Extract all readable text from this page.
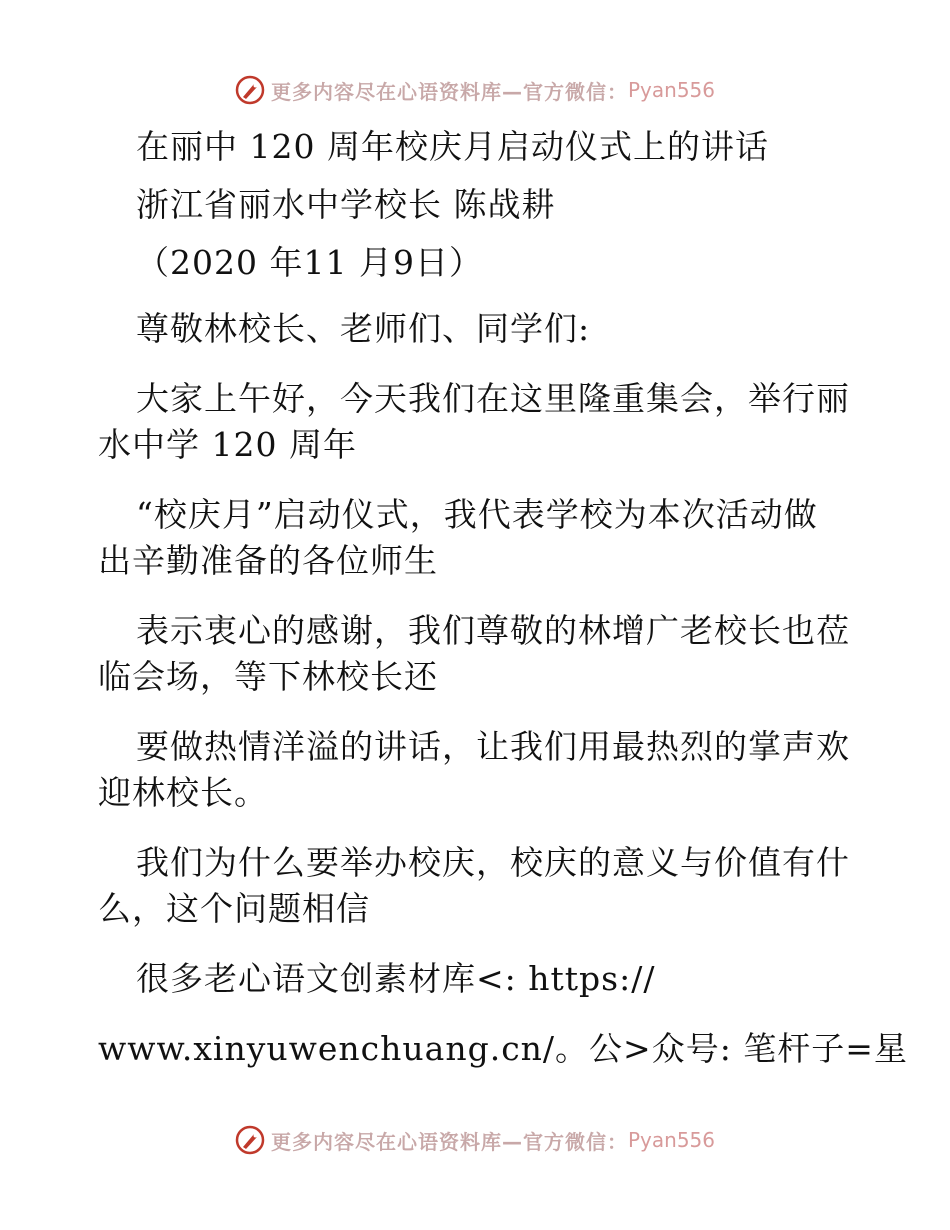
更多内容尽在心语资料库—官方微信： Pyan556
在丽中 120 周年校庆月启动仪式上的讲话
浙江省丽水中学校长 陈战耕
（2020 年11 月9日）
尊敬林校长、老师们、同学们:
大家上午好，今天我们在这里隆重集会，举行丽
水中学 120 周年
“校庆月”启动仪式，我代表学校为本次活动做
出辛勤准备的各位师生
表示衷心的感谢，我们尊敬的林增广老校长也莅
临会场，等下林校长还
要做热情洋溢的讲话，让我们用最热烈的掌声欢
迎林校长。
我们为什么要举办校庆，校庆的意义与价值有什
么，这个问题相信
很多老心语文创素材库<: https://
www.xinyuwenchuang.cn/。公>众号: 笔杆子=星
更多内容尽在心语资料库—官方微信： Pyan556
